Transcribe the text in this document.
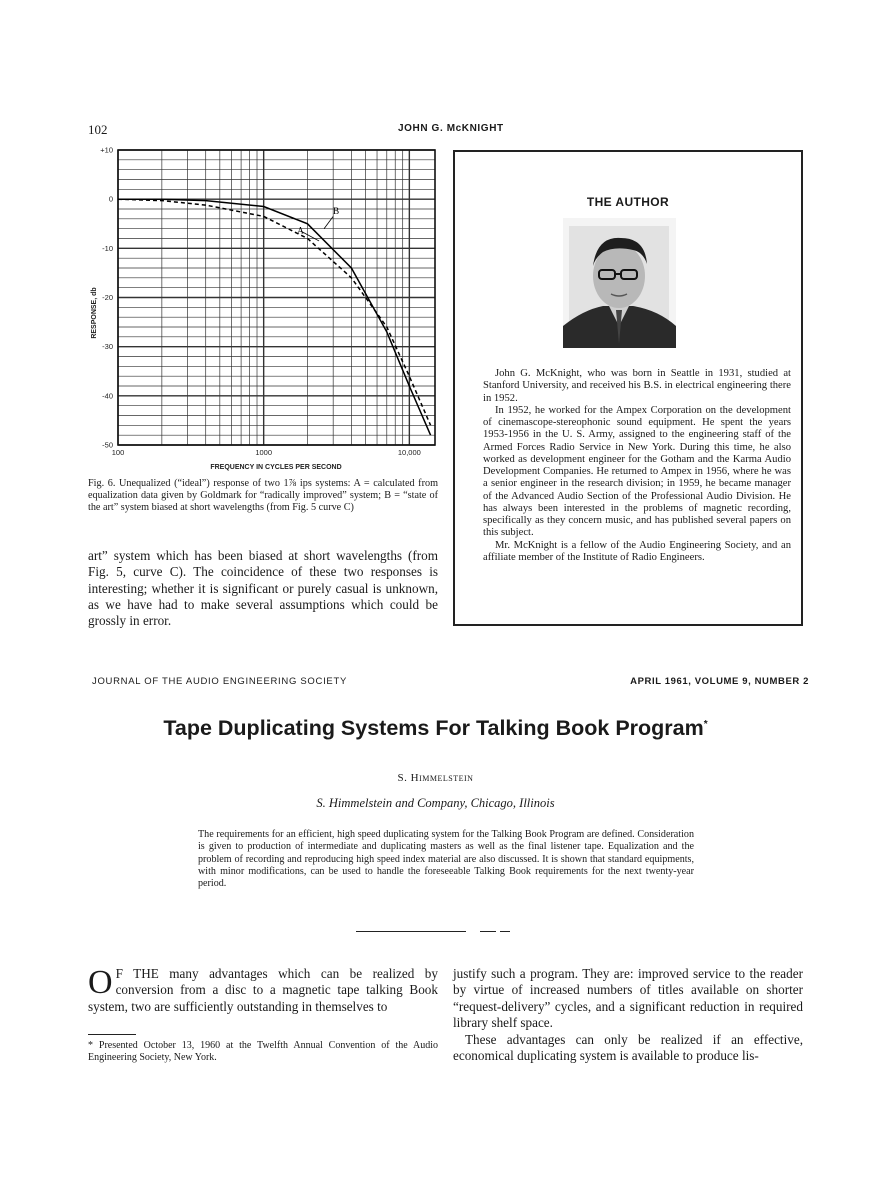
102	JOHN G. McKNIGHT
+10
0
-10
-20
-30
-40
-50
100	1000	10,000
A
B
RESPONSE, db
FREQUENCY IN CYCLES PER SECOND
Fig. 6. Unequalized (“ideal”) response of two 1⅞ ips systems: A = calculated from equalization data given by Goldmark for “radically improved” system; B = “state of the art” system biased at short wavelengths (from Fig. 5 curve C)
art” system which has been biased at short wavelengths (from Fig. 5, curve C). The coincidence of these two responses is interesting; whether it is significant or purely casual is unknown, as we have had to make several assumptions which could be grossly in error.
THE AUTHOR

John G. McKnight, who was born in Seattle in 1931, studied at Stanford University, and received his B.S. in electrical engineering there in 1952.

In 1952, he worked for the Ampex Corporation on the development of cinemascope-stereophonic sound equipment. He spent the years 1953-1956 in the U. S. Army, assigned to the engineering staff of the Armed Forces Radio Service in New York. During this time, he also worked as development engineer for the Gotham and the Karma Audio Development Companies. He returned to Ampex in 1956, where he was a senior engineer in the research division; in 1959, he became manager of the Advanced Audio Section of the Professional Audio Division. He has always been interested in the problems of magnetic recording, specifically as they concern music, and has published several papers on this subject.

Mr. McKnight is a fellow of the Audio Engineering Society, and an affiliate member of the Institute of Radio Engineers.

JOURNAL OF THE AUDIO ENGINEERING SOCIETY	APRIL 1961, VOLUME 9, NUMBER 2
Tape Duplicating Systems For Talking Book Program*
S. Himmelstein
S. Himmelstein and Company, Chicago, Illinois
The requirements for an efficient, high speed duplicating system for the Talking Book Program are defined. Consideration is given to production of intermediate and duplicating masters as well as the final listener tape. Equalization and the problem of recording and reproducing high speed index material are also discussed. It is shown that standard equipments, with minor modifications, can be used to handle the foreseeable Talking Book requirements for the next twenty-year period.
O F THE many advantages which can be realized by conversion from a disc to a magnetic tape talking Book system, two are sufficiently outstanding in themselves to
* Presented October 13, 1960 at the Twelfth Annual Convention of the Audio Engineering Society, New York.

justify such a program. They are: improved service to the reader by virtue of increased numbers of titles available on shorter “request-delivery” cycles, and a significant reduction in required library shelf space.

These advantages can only be realized if an effective, economical duplicating system is available to produce lis-
